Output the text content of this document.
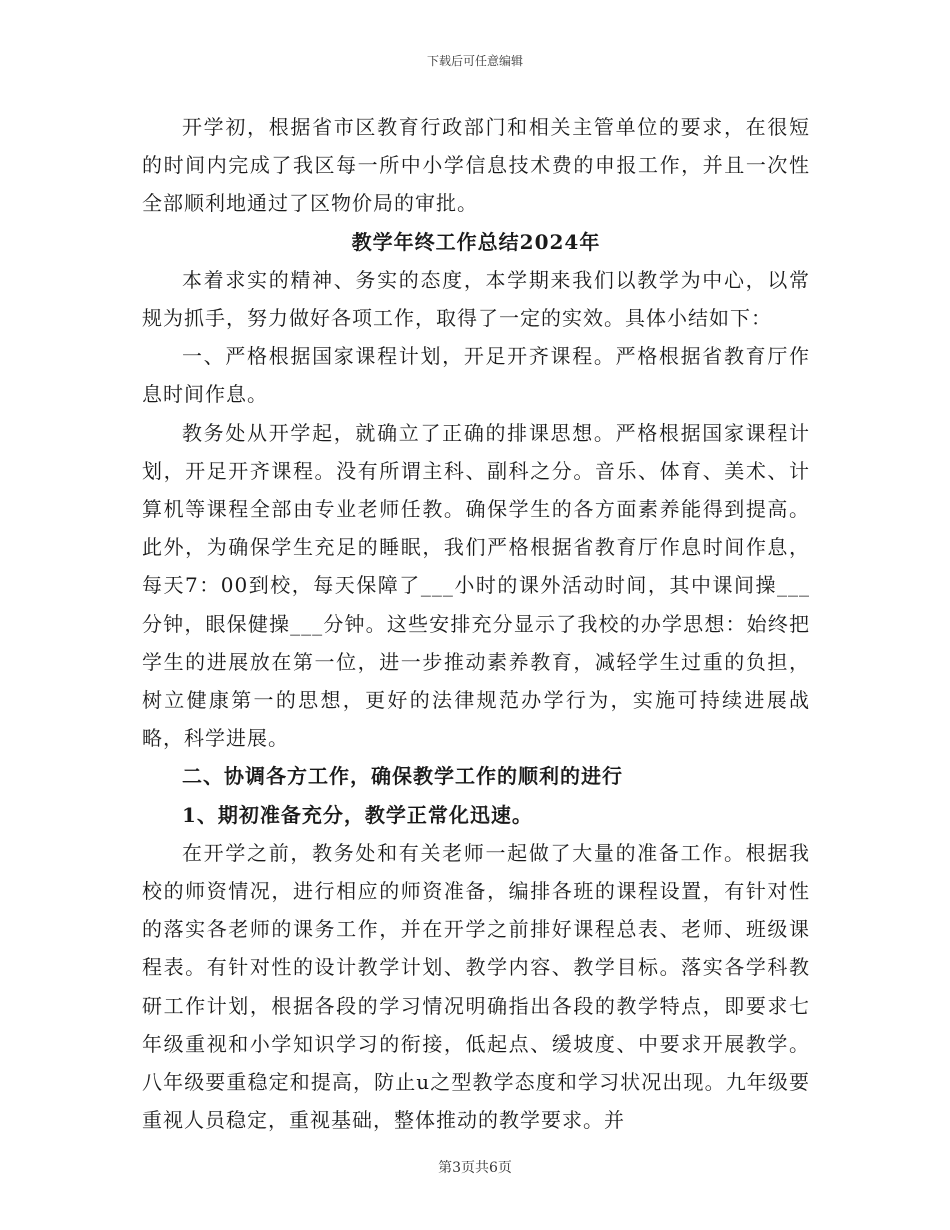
下载后可任意编辑

开学初，根据省市区教育行政部门和相关主管单位的要求，在很短的时间内完成了我区每一所中小学信息技术费的申报工作，并且一次性全部顺利地通过了区物价局的审批。

教学年终工作总结2024年

本着求实的精神、务实的态度，本学期来我们以教学为中心，以常规为抓手，努力做好各项工作，取得了一定的实效。具体小结如下：

一、严格根据国家课程计划，开足开齐课程。严格根据省教育厅作息时间作息。

教务处从开学起，就确立了正确的排课思想。严格根据国家课程计划，开足开齐课程。没有所谓主科、副科之分。音乐、体育、美术、计算机等课程全部由专业老师任教。确保学生的各方面素养能得到提高。此外，为确保学生充足的睡眠，我们严格根据省教育厅作息时间作息，每天7：00到校，每天保障了___小时的课外活动时间，其中课间操___分钟，眼保健操___分钟。这些安排充分显示了我校的办学思想：始终把学生的进展放在第一位，进一步推动素养教育，减轻学生过重的负担，树立健康第一的思想，更好的法律规范办学行为，实施可持续进展战略，科学进展。

二、协调各方工作，确保教学工作的顺利的进行

1、期初准备充分，教学正常化迅速。

在开学之前，教务处和有关老师一起做了大量的准备工作。根据我校的师资情况，进行相应的师资准备，编排各班的课程设置，有针对性的落实各老师的课务工作，并在开学之前排好课程总表、老师、班级课程表。有针对性的设计教学计划、教学内容、教学目标。落实各学科教研工作计划，根据各段的学习情况明确指出各段的教学特点，即要求七年级重视和小学知识学习的衔接，低起点、缓坡度、中要求开展教学。八年级要重稳定和提高，防止u之型教学态度和学习状况出现。九年级要重视人员稳定，重视基础，整体推动的教学要求。并

第3页共6页
